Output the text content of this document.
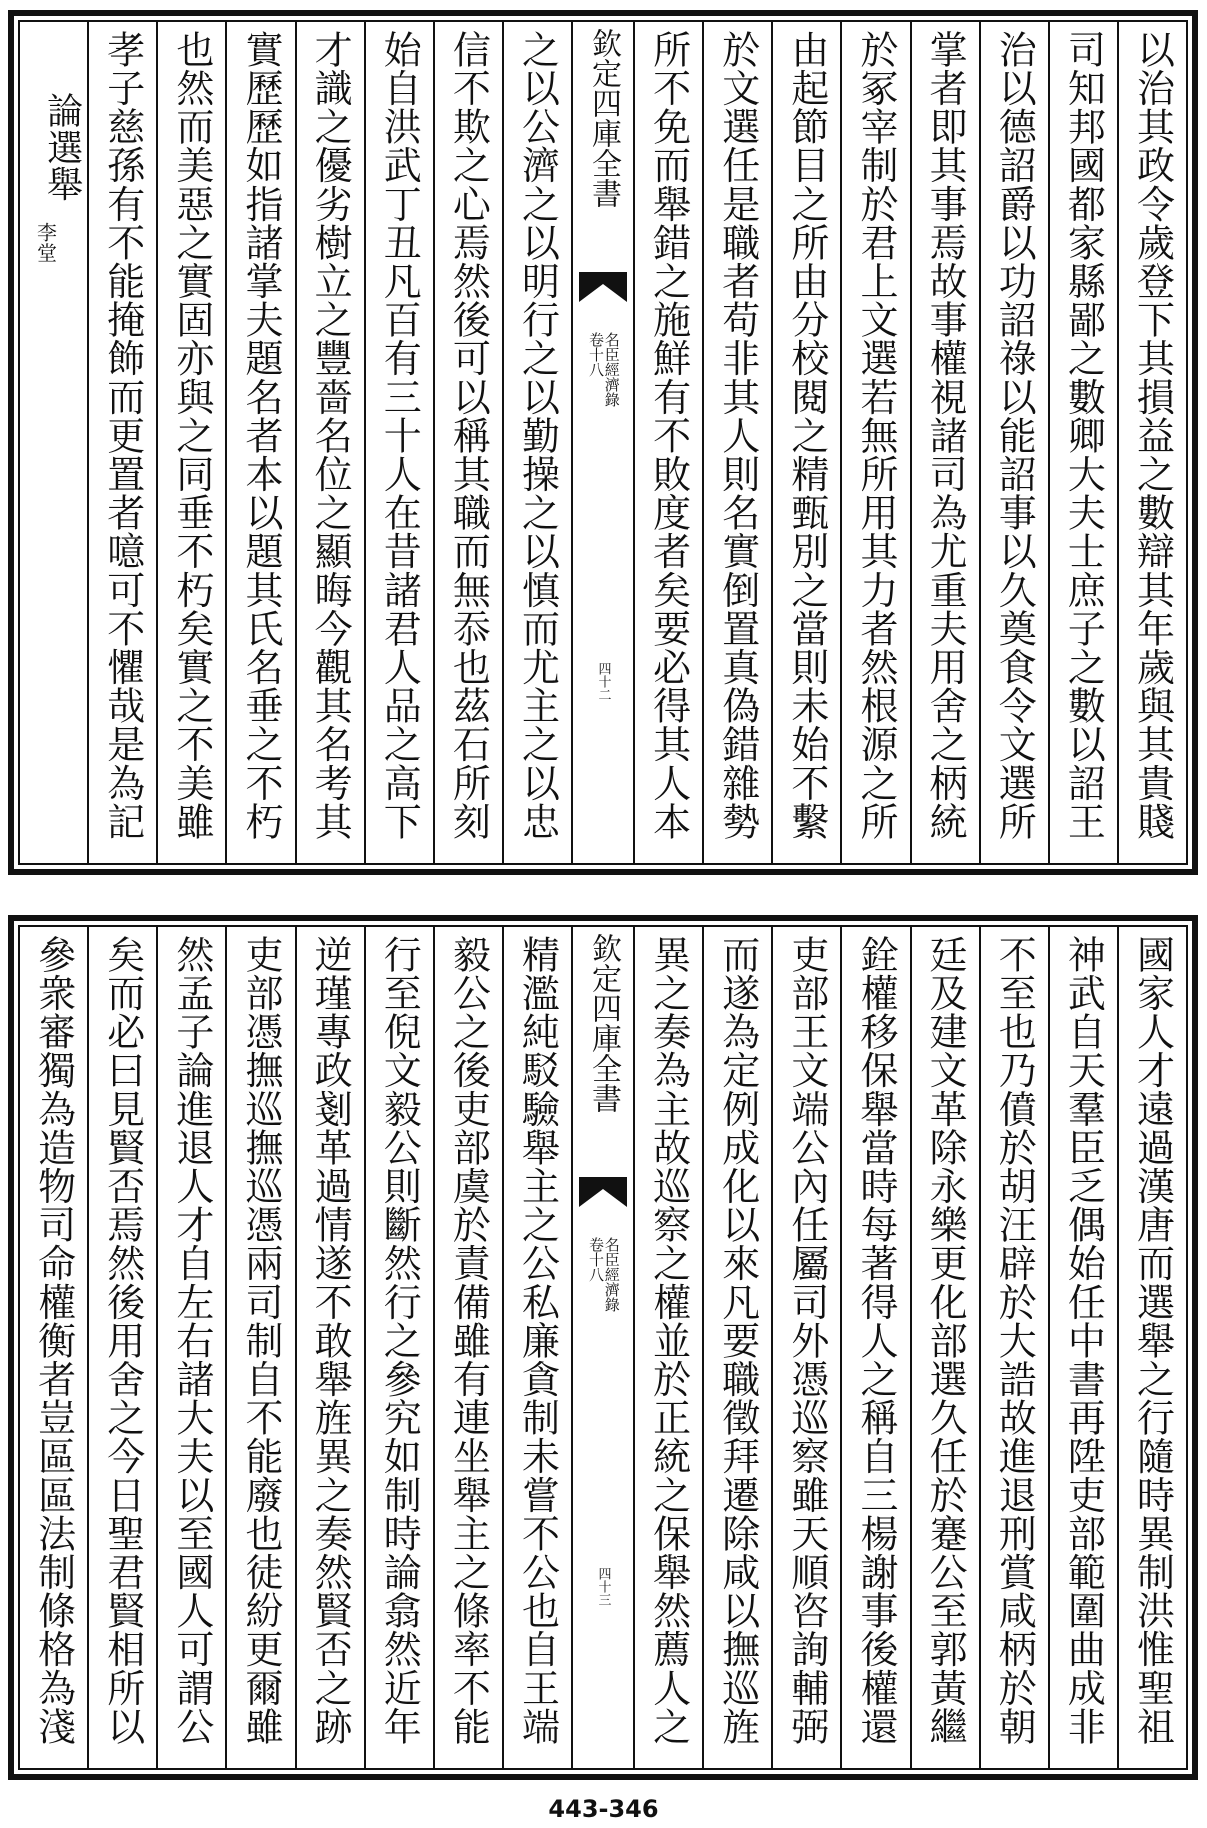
以治其政令歲登下其損益之數辯其年歲與其貴賤
司知邦國都家縣鄙之數卿大夫士庶子之數以詔王
治以德詔爵以功詔祿以能詔事以久奠食令文選所
掌者即其事焉故事權視諸司為尤重夫用舍之柄統
於冢宰制於君上文選若無所用其力者然根源之所
由起節目之所由分校閱之精甄別之當則未始不繫
於文選任是職者苟非其人則名實倒置真偽錯雜勢
所不免而舉錯之施鮮有不敗度者矣要必得其人本
欽定四庫全書
名臣經濟錄
卷十八
四十二
之以公濟之以明行之以勤操之以慎而尤主之以忠
信不欺之心焉然後可以稱其職而無忝也茲石所刻
始自洪武丁丑凡百有三十人在昔諸君人品之高下
才識之優劣樹立之豐嗇名位之顯晦今觀其名考其
實歷歷如指諸掌夫題名者本以題其氏名垂之不朽
也然而美惡之實固亦與之同垂不朽矣實之不美雖
孝子慈孫有不能掩飾而更置者噫可不懼哉是為記
論選舉
李堂
國家人才遠過漢唐而選舉之行隨時異制洪惟聖祖
神武自天羣臣乏偶始任中書再陞吏部範圍曲成非
不至也乃僨於胡汪辟於大誥故進退刑賞咸柄於朝
廷及建文革除永樂更化部選久任於蹇公至郭黃繼
銓權移保舉當時每著得人之稱自三楊謝事後權還
吏部王文端公內任屬司外憑巡察雖天順咨詢輔弼
而遂為定例成化以來凡要職徵拜遷除咸以撫巡旌
異之奏為主故巡察之權並於正統之保舉然薦人之
欽定四庫全書
名臣經濟錄
卷十八
四十三
精濫純駁驗舉主之公私廉貪制未嘗不公也自王端
毅公之後吏部虞於責備雖有連坐舉主之條率不能
行至倪文毅公則斷然行之參究如制時論翕然近年
逆瑾專政剗革過情遂不敢舉旌異之奏然賢否之跡
吏部憑撫巡撫巡憑兩司制自不能廢也徒紛更爾雖
然孟子論進退人才自左右諸大夫以至國人可謂公
矣而必曰見賢否焉然後用舍之今日聖君賢相所以
參衆審獨為造物司命權衡者豈區區法制條格為淺
443-346
